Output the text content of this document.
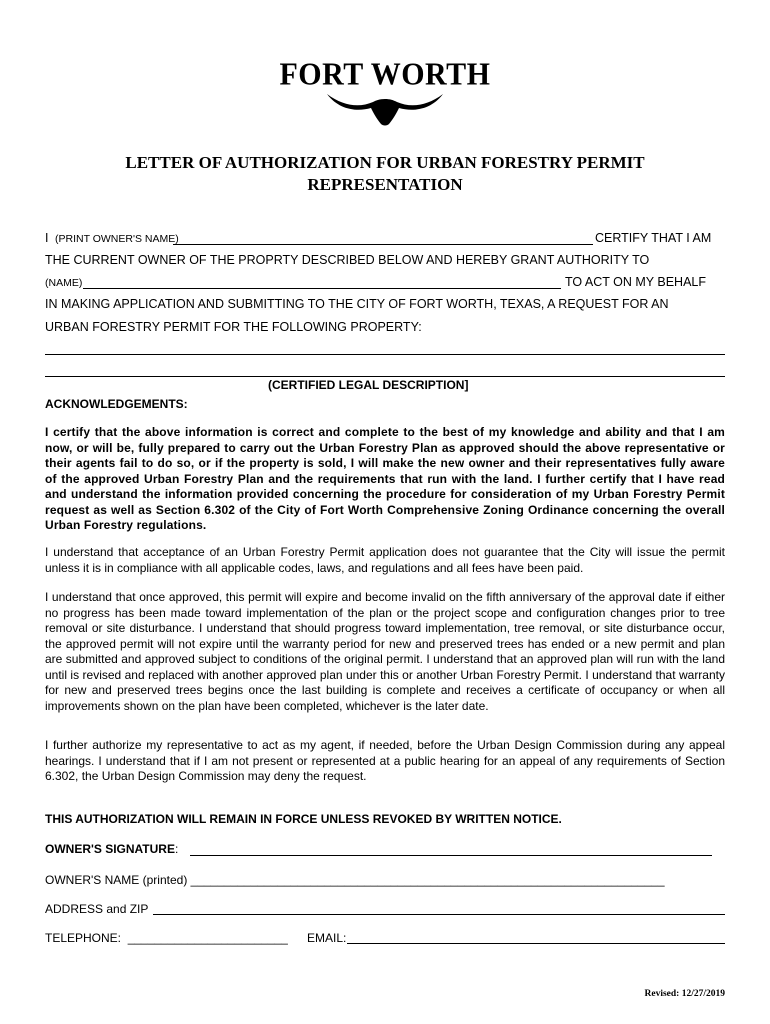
FORT WORTH
LETTER OF AUTHORIZATION FOR URBAN FORESTRY PERMIT
REPRESENTATION
I (PRINT OWNER'S NAME)	CERTIFY THAT I AM
THE CURRENT OWNER OF THE PROPRTY DESCRIBED BELOW AND HEREBY GRANT AUTHORITY TO
(NAME)	TO ACT ON MY BEHALF
IN MAKING APPLICATION AND SUBMITTING TO THE CITY OF FORT WORTH, TEXAS, A REQUEST FOR AN
URBAN FORESTRY PERMIT FOR THE FOLLOWING PROPERTY:
(CERTIFIED LEGAL DESCRIPTION]
ACKNOWLEDGEMENTS:
I certify that the above information is correct and complete to the best of my knowledge and ability and that I am now, or will be, fully prepared to carry out the Urban Forestry Plan as approved should the above representative or their agents fail to do so, or if the property is sold, I will make the new owner and their representatives fully aware of the approved Urban Forestry Plan and the requirements that run with the land. I further certify that I have read and understand the information provided concerning the procedure for consideration of my Urban Forestry Permit request as well as Section 6.302 of the City of Fort Worth Comprehensive Zoning Ordinance concerning the overall Urban Forestry regulations.
I understand that acceptance of an Urban Forestry Permit application does not guarantee that the City will issue the permit unless it is in compliance with all applicable codes, laws, and regulations and all fees have been paid.
I understand that once approved, this permit will expire and become invalid on the fifth anniversary of the approval date if either no progress has been made toward implementation of the plan or the project scope and configuration changes prior to tree removal or site disturbance. I understand that should progress toward implementation, tree removal, or site disturbance occur, the approved permit will not expire until the warranty period for new and preserved trees has ended or a new permit and plan are submitted and approved subject to conditions of the original permit. I understand that an approved plan will run with the land until is revised and replaced with another approved plan under this or another Urban Forestry Permit. I understand that warranty for new and preserved trees begins once the last building is complete and receives a certificate of occupancy or when all improvements shown on the plan have been completed, whichever is the later date.
I further authorize my representative to act as my agent, if needed, before the Urban Design Commission during any appeal hearings. I understand that if I am not present or represented at a public hearing for an appeal of any requirements of Section 6.302, the Urban Design Commission may deny the request.
THIS AUTHORIZATION WILL REMAIN IN FORCE UNLESS REVOKED BY WRITTEN NOTICE.
OWNER'S SIGNATURE:
OWNER'S NAME (printed) _______________________________________________________________________
ADDRESS and ZIP
TELEPHONE:  ________________________ EMAIL:
Revised: 12/27/2019
